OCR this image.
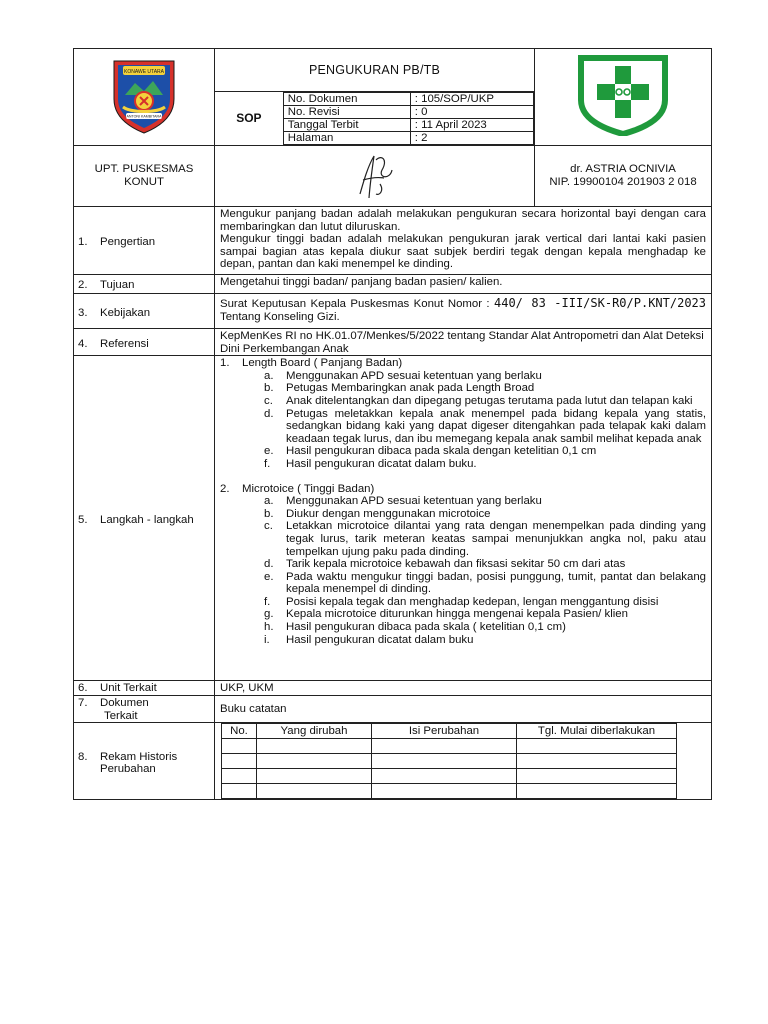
KONAWE UTARA
ANTONI KAMBITARA

PENGUKURAN PB/TB
SOP
No. Dokumen	: 105/SOP/UKP
No. Revisi	: 0
Tanggal Terbit	: 11 April 2023
Halaman	: 2

UPT. PUSKESMAS
KONUT

dr. ASTRIA OCNIVIA
NIP. 19900104 201903 2 018

1.	Pengertian

Mengukur panjang badan adalah melakukan pengukuran secara horizontal bayi dengan cara membaringkan dan lutut diluruskan.
Mengukur tinggi badan adalah melakukan pengukuran jarak vertical dari lantai kaki pasien sampai bagian atas kepala diukur saat subjek berdiri tegak dengan kepala menghadap ke depan, pantan dan kaki menempel ke dinding.

2.	Tujuan
		Mengetahui tinggi badan/ panjang badan pasien/ kalien.

3.	Kebijakan
	Surat Keputusan Kepala Puskesmas Konut Nomor : 440/ 83 -III/SK-R0/P.KNT/2023 Tentang Konseling Gizi.

4.	Referensi
	KepMenKes RI no HK.01.07/Menkes/5/2022 tentang Standar Alat Antropometri dan Alat Deteksi Dini Perkembangan Anak

5.	Langkah - langkah

1.	Length Board ( Panjang Badan)
a. Menggunakan APD sesuai ketentuan yang berlaku
b. Petugas Membaringkan anak pada Length Broad
c. Anak ditelentangkan dan dipegang petugas terutama pada lutut dan telapan kaki
d. Petugas meletakkan kepala anak menempel pada bidang kepala yang statis, sedangkan bidang kaki yang dapat digeser ditengahkan pada telapak kaki dalam keadaan tegak lurus, dan ibu memegang kepala anak sambil melihat kepada anak
e. Hasil pengukuran dibaca pada skala dengan ketelitian 0,1 cm
f. Hasil pengukuran dicatat dalam buku.
2.	Microtoice ( Tinggi Badan)
a. Menggunakan APD sesuai ketentuan yang berlaku
b. Diukur dengan menggunakan microtoice
c. Letakkan microtoice dilantai yang rata dengan menempelkan pada dinding yang tegak lurus, tarik meteran keatas sampai menunjukkan angka nol, paku atau tempelkan ujung paku pada dinding.
d. Tarik kepala microtoice kebawah dan fiksasi sekitar 50 cm dari atas
e. Pada waktu mengukur tinggi badan, posisi punggung, tumit, pantat dan belakang kepala menempel di dinding.
f. Posisi kepala tegak dan menghadap kedepan, lengan menggantung disisi
g. Kepala microtoice diturunkan hingga mengenai kepala Pasien/ klien
h. Hasil pengukuran dibaca pada skala ( ketelitian 0,1 cm)
i. Hasil pengukuran dicatat dalam buku

6.	Unit Terkait
		UKP, UKM

7.	Dokumen
Terkait
	Buku catatan

8.	Rekam Historis
Perubahan

No.	Yang dirubah	Isi Perubahan	Tgl. Mulai diberlakukan
